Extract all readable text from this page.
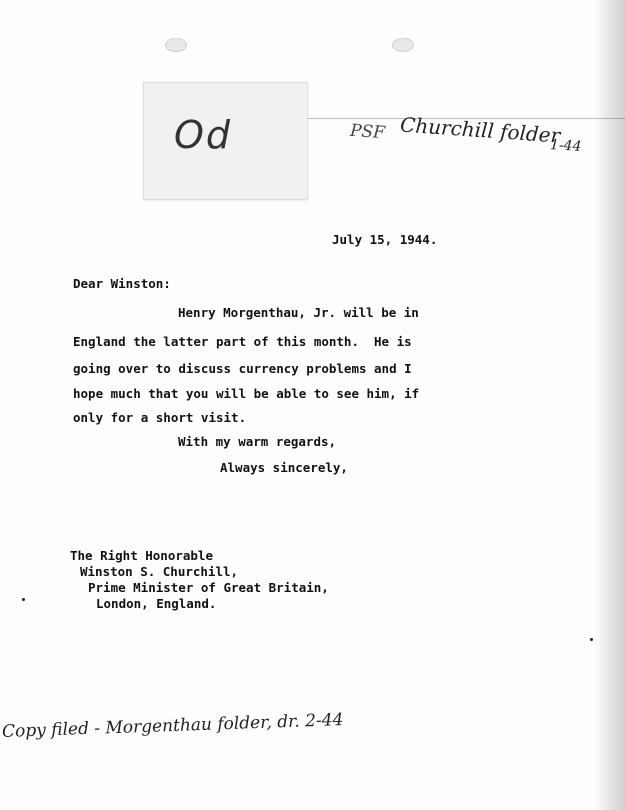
Od	PSF Churchill folder
1-44
July 15, 1944.
Dear Winston:
Henry Morgenthau, Jr. will be in
England the latter part of this month.  He is
going over to discuss currency problems and I
hope much that you will be able to see him, if
only for a short visit.
With my warm regards,
Always sincerely,
The Right Honorable
Winston S. Churchill,
Prime Minister of Great Britain,
London, England.
Copy filed - Morgenthau folder, dr. 2-44
